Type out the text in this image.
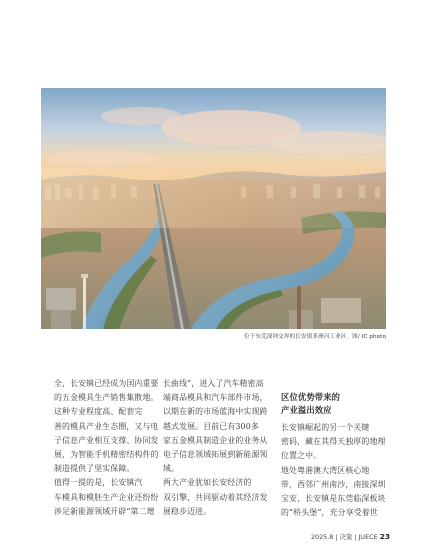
位于东莞深圳交界的长安镇茅洲河工业区。图/ IC photo
全，长安镇已经成为国内重要
的五金模具生产销售集散地。
这种专业程度高、配套完
善的模具产业生态圈，又与电
子信息产业相互支撑、协同发
展，为智能手机精密结构件的
制造提供了坚实保障。
值得一提的是，长安镇汽
车模具和模胚生产企业还纷纷
涉足新能源领域开辟“第二增
长曲线”，进入了汽车精密高
端商品模具和汽车部件市场，
以期在新的市场蓝海中实现跨
越式发展。目前已有300多
家五金模具制造企业的业务从
电子信息领域拓展到新能源领
域。
两大产业犹如长安经济的
双引擎，共同驱动着其经济发
展稳步迈进。
区位优势带来的
产业溢出效应
长安镇崛起的另一个关键
密码，藏在其得天独厚的地理
位置之中。
地处粤港澳大湾区核心地
带，西邻广州南沙，南接深圳
宝安，长安镇是东莞临深板块
的“桥头堡”，充分享受着世
2025.8 | 决策 | JUECE 23
